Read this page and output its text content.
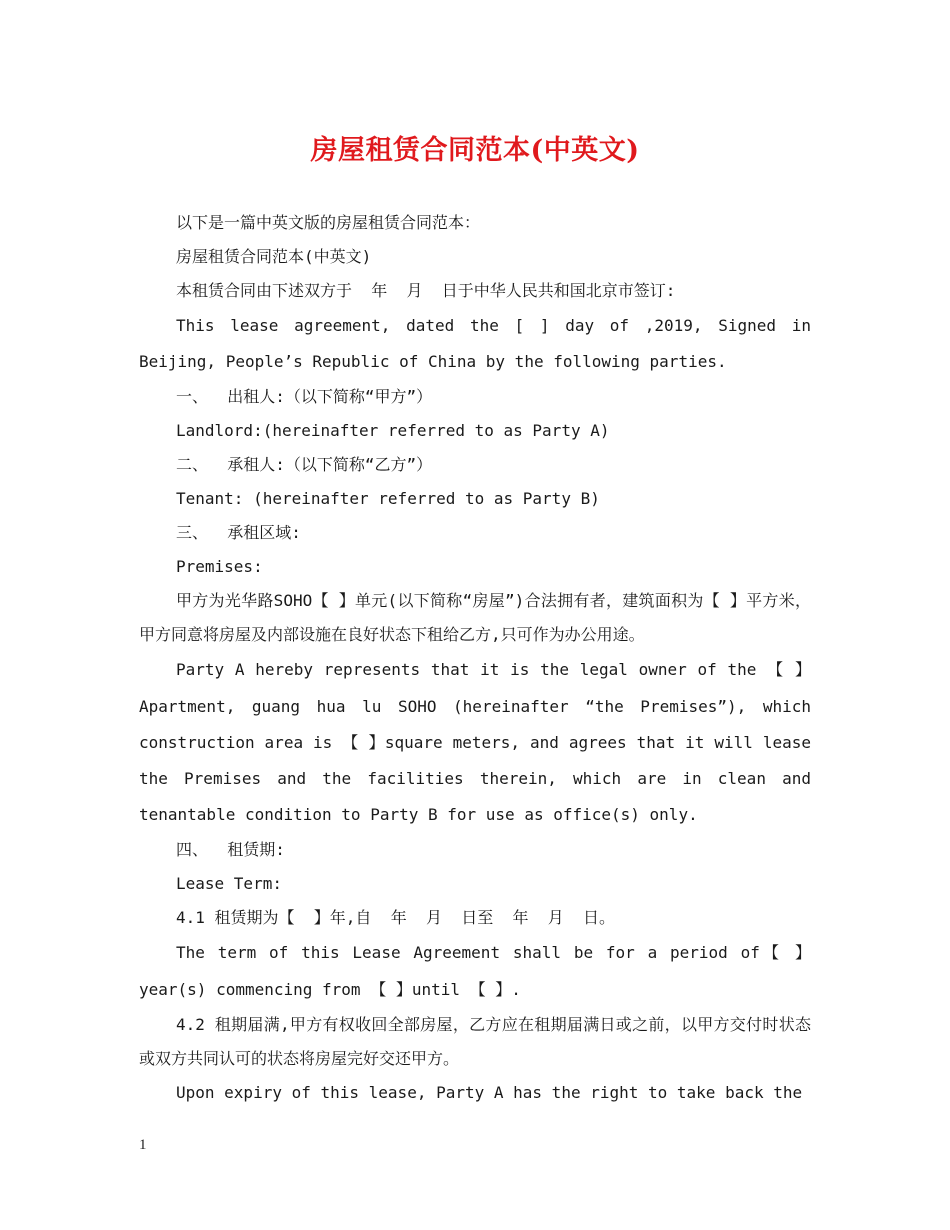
房屋租赁合同范本(中英文)
以下是一篇中英文版的房屋租赁合同范本：
房屋租赁合同范本(中英文)
本租赁合同由下述双方于  年  月  日于中华人民共和国北京市签订:
This lease agreement, dated the [ ] day of ,2019, Signed in Beijing, People’s Republic of China by the following parties.
一、  出租人:（以下简称“甲方”）
Landlord:(hereinafter referred to as Party A)
二、  承租人:（以下简称“乙方”）
Tenant: (hereinafter referred to as Party B)
三、  承租区域:
Premises:
甲方为光华路SOHO【 】单元(以下简称“房屋”)合法拥有者，建筑面积为【 】平方米，甲方同意将房屋及内部设施在良好状态下租给乙方,只可作为办公用途。
Party A hereby represents that it is the legal owner of the 【 】Apartment, guang hua lu SOHO (hereinafter “the Premises”), which construction area is 【 】square meters, and agrees that it will lease the Premises and the facilities therein, which are in clean and tenantable condition to Party B for use as office(s) only.
四、  租赁期:
Lease Term:
4.1 租赁期为【  】年,自  年  月  日至  年  月  日。
The term of this Lease Agreement shall be for a period of【 】 year(s) commencing from 【 】until 【 】.
4.2 租期届满,甲方有权收回全部房屋，乙方应在租期届满日或之前，以甲方交付时状态或双方共同认可的状态将房屋完好交还甲方。
Upon expiry of this lease, Party A has the right to take back the
1
